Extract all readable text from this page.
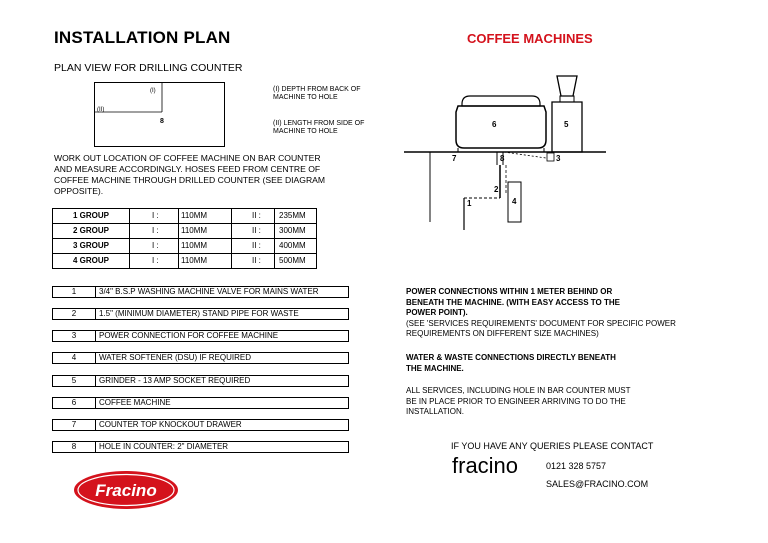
INSTALLATION PLAN	COFFEE MACHINES
PLAN VIEW FOR DRILLING COUNTER
(I)
(II)
8
(I) DEPTH FROM BACK OF
MACHINE TO HOLE
(II) LENGTH FROM SIDE OF
MACHINE TO HOLE
WORK OUT LOCATION OF COFFEE MACHINE ON BAR COUNTER
AND MEASURE ACCORDINGLY. HOSES FEED FROM CENTRE OF
COFFEE MACHINE THROUGH DRILLED COUNTER (SEE DIAGRAM
OPPOSITE).
1 GROUP	I :	110MM	II :	235MM
2 GROUP	I :	110MM	II :	300MM
3 GROUP	I :	110MM	II :	400MM
4 GROUP	I :	110MM	II :	500MM
1	3/4" B.S.P WASHING MACHINE VALVE FOR MAINS WATER
2	1.5" (MINIMUM DIAMETER) STAND PIPE FOR WASTE
3	POWER CONNECTION FOR COFFEE MACHINE
4	WATER SOFTENER (DSU) IF REQUIRED
5	GRINDER - 13 AMP SOCKET REQUIRED
6	COFFEE MACHINE
7	COUNTER TOP KNOCKOUT DRAWER
8	HOLE IN COUNTER: 2" DIAMETER
6	5
7	8	3
2
1	4
POWER CONNECTIONS WITHIN 1 METER BEHIND OR
BENEATH THE MACHINE. (WITH EASY ACCESS TO THE
POWER POINT).
(SEE 'SERVICES REQUIREMENTS' DOCUMENT FOR SPECIFIC POWER
REQUIREMENTS ON DIFFERENT SIZE MACHINES)
WATER & WASTE CONNECTIONS DIRECTLY BENEATH
THE MACHINE.
ALL SERVICES, INCLUDING HOLE IN BAR COUNTER MUST
BE IN PLACE PRIOR TO ENGINEER ARRIVING TO DO THE
INSTALLATION.
IF YOU HAVE ANY QUERIES PLEASE CONTACT
fracino	0121 328 5757
SALES@FRACINO.COM
Fracino
